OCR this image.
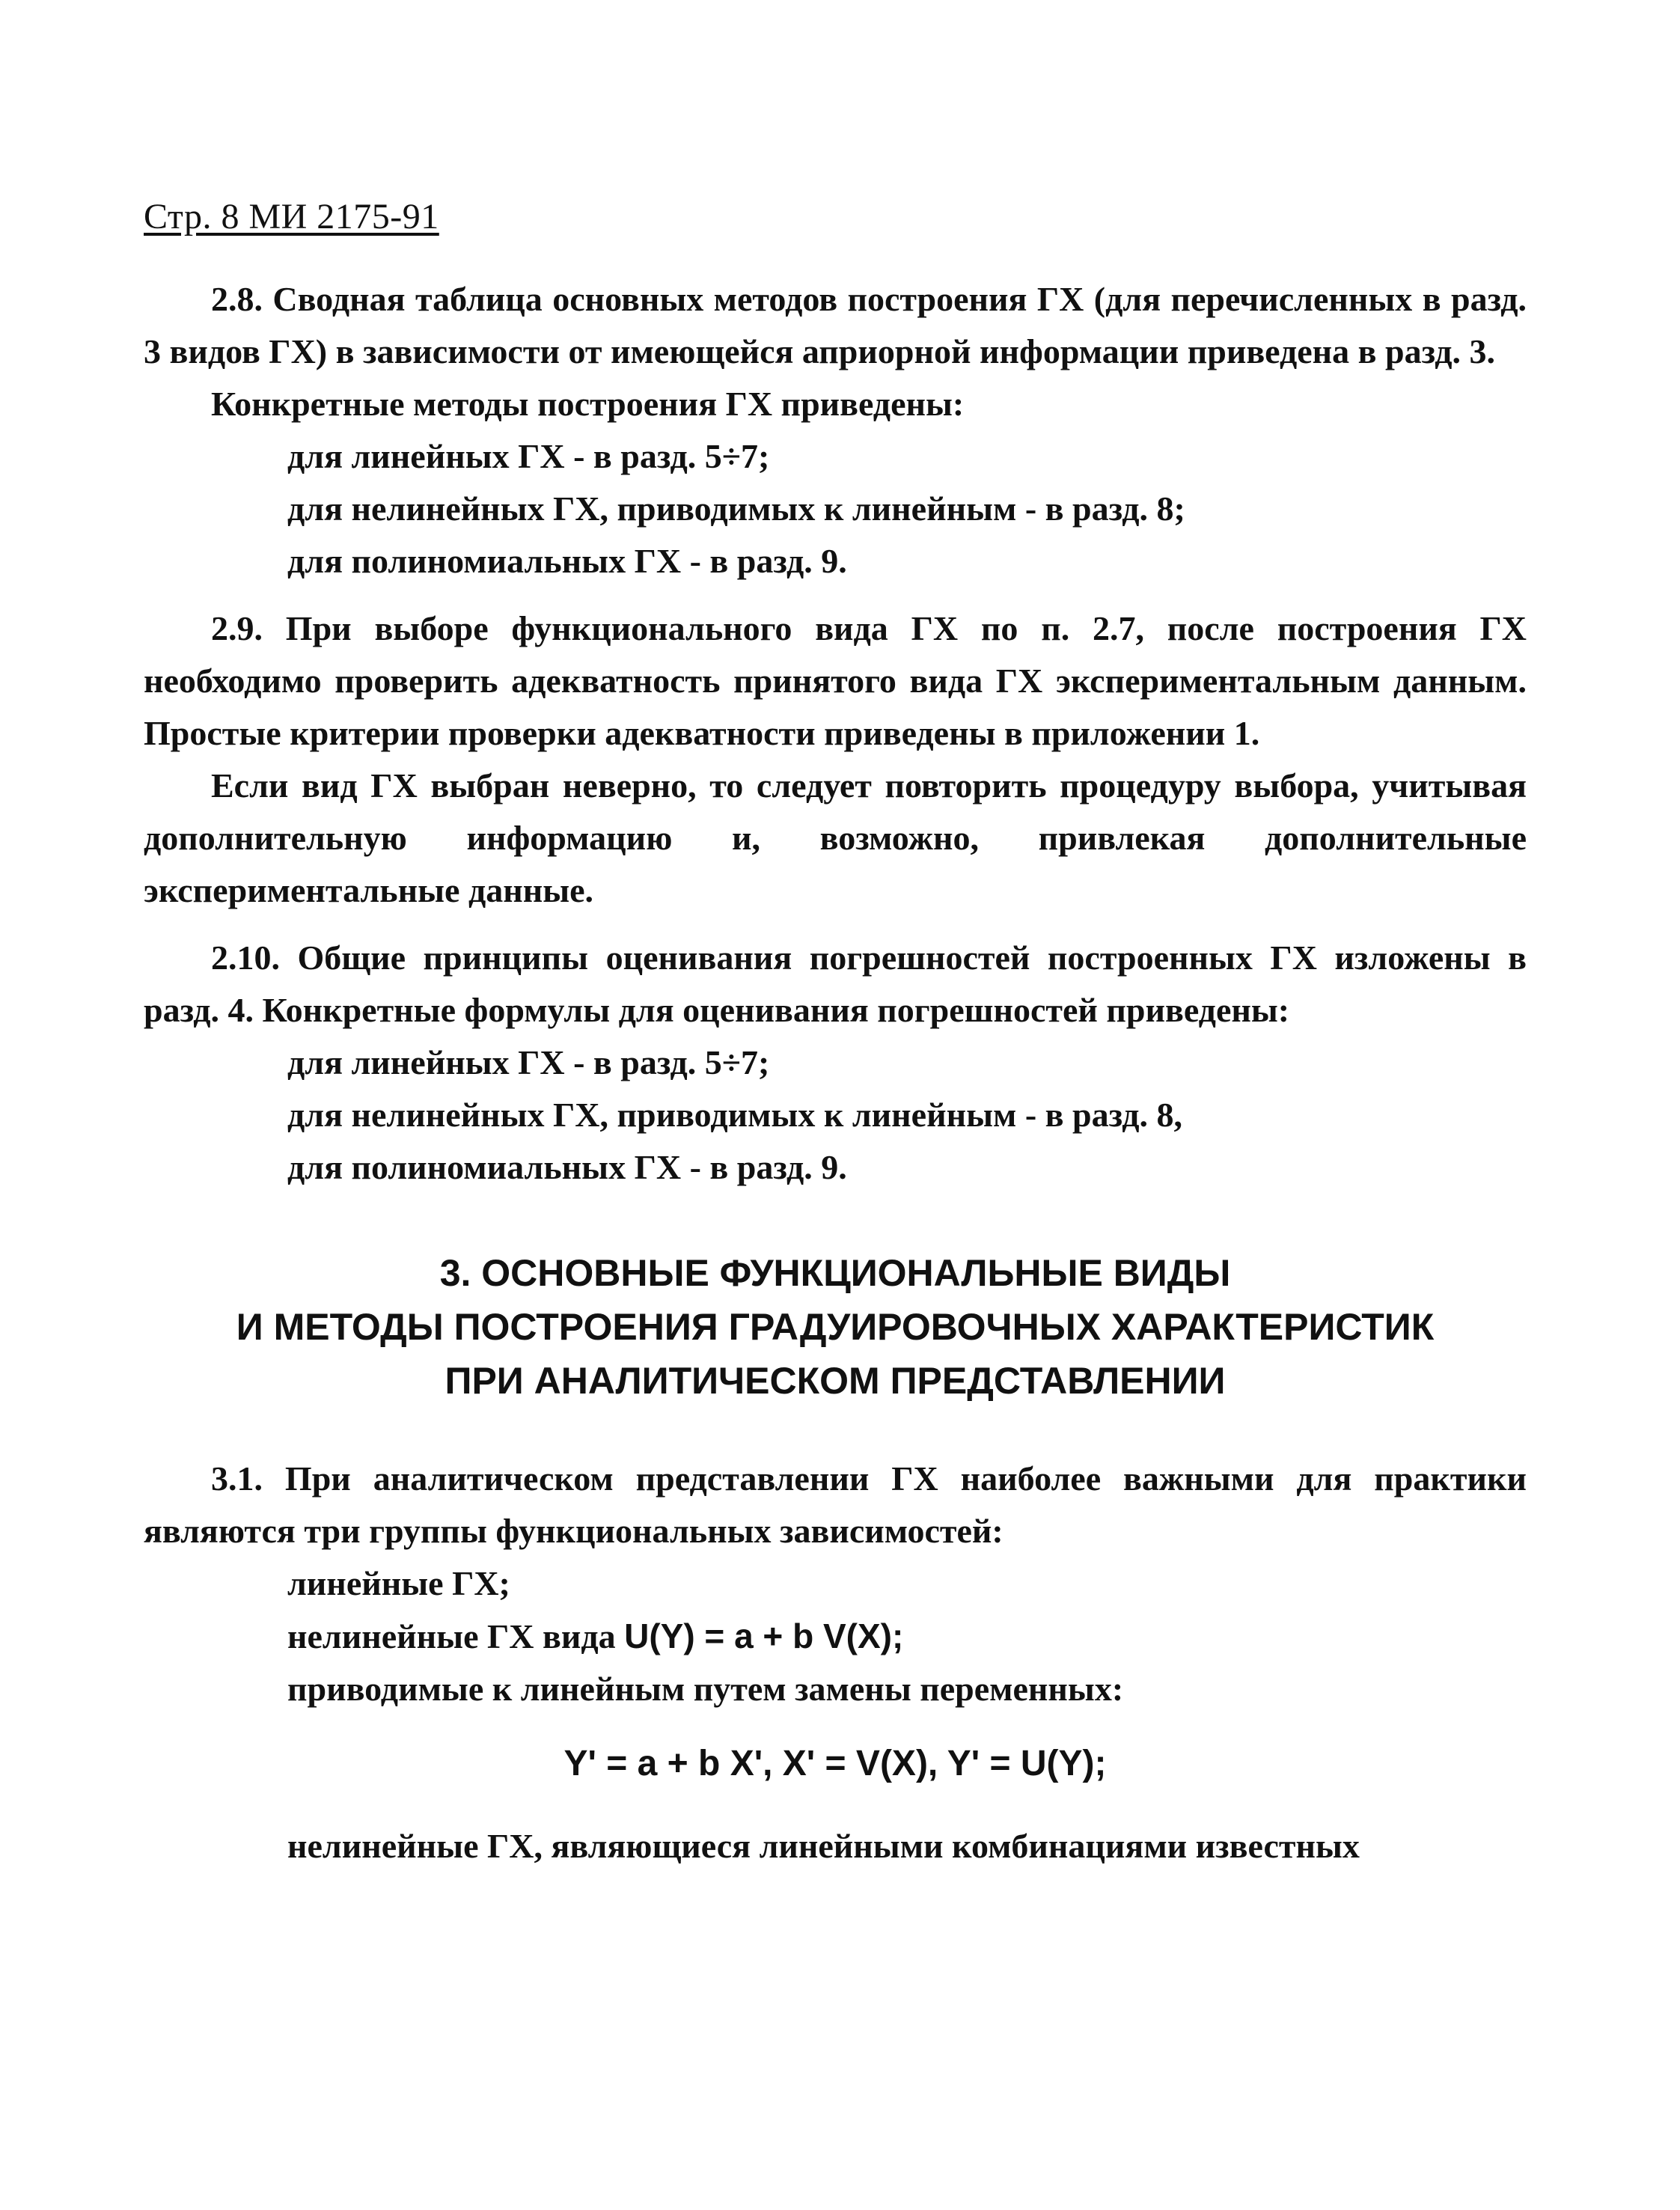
Стр. 8 МИ 2175-91

2.8. Сводная таблица основных методов построения ГХ (для перечисленных в разд. 3 видов ГХ) в зависимости от имеющейся априорной информации приведена в разд. 3.

Конкретные методы построения ГХ приведены:

для линейных ГХ - в разд. 5÷7;
для нелинейных ГХ, приводимых к линейным - в разд. 8;
для полиномиальных ГХ - в разд. 9.

2.9. При выборе функционального вида ГХ по п. 2.7, после построения ГХ необходимо проверить адекватность принятого вида ГХ экспериментальным данным. Простые критерии проверки адекватности приведены в приложении 1.

Если вид ГХ выбран неверно, то следует повторить процедуру выбора, учитывая дополнительную информацию и, возможно, привлекая дополнительные экспериментальные данные.

2.10. Общие принципы оценивания погрешностей построенных ГХ изложены в разд. 4. Конкретные формулы для оценивания погрешностей приведены:

для линейных ГХ - в разд. 5÷7;
для нелинейных ГХ, приводимых к линейным - в разд. 8,
для полиномиальных ГХ - в разд. 9.
3. ОСНОВНЫЕ ФУНКЦИОНАЛЬНЫЕ ВИДЫ
И МЕТОДЫ ПОСТРОЕНИЯ ГРАДУИРОВОЧНЫХ ХАРАКТЕРИСТИК
ПРИ АНАЛИТИЧЕСКОМ ПРЕДСТАВЛЕНИИ

3.1. При аналитическом представлении ГХ наиболее важными для практики являются три группы функциональных зависимостей:

линейные ГХ;
нелинейные ГХ вида U(Y) = a + b V(X);
приводимые к линейным путем замены переменных:
Y' = a + b X', X' = V(X), Y' = U(Y);
нелинейные ГХ, являющиеся линейными комбинациями известных
